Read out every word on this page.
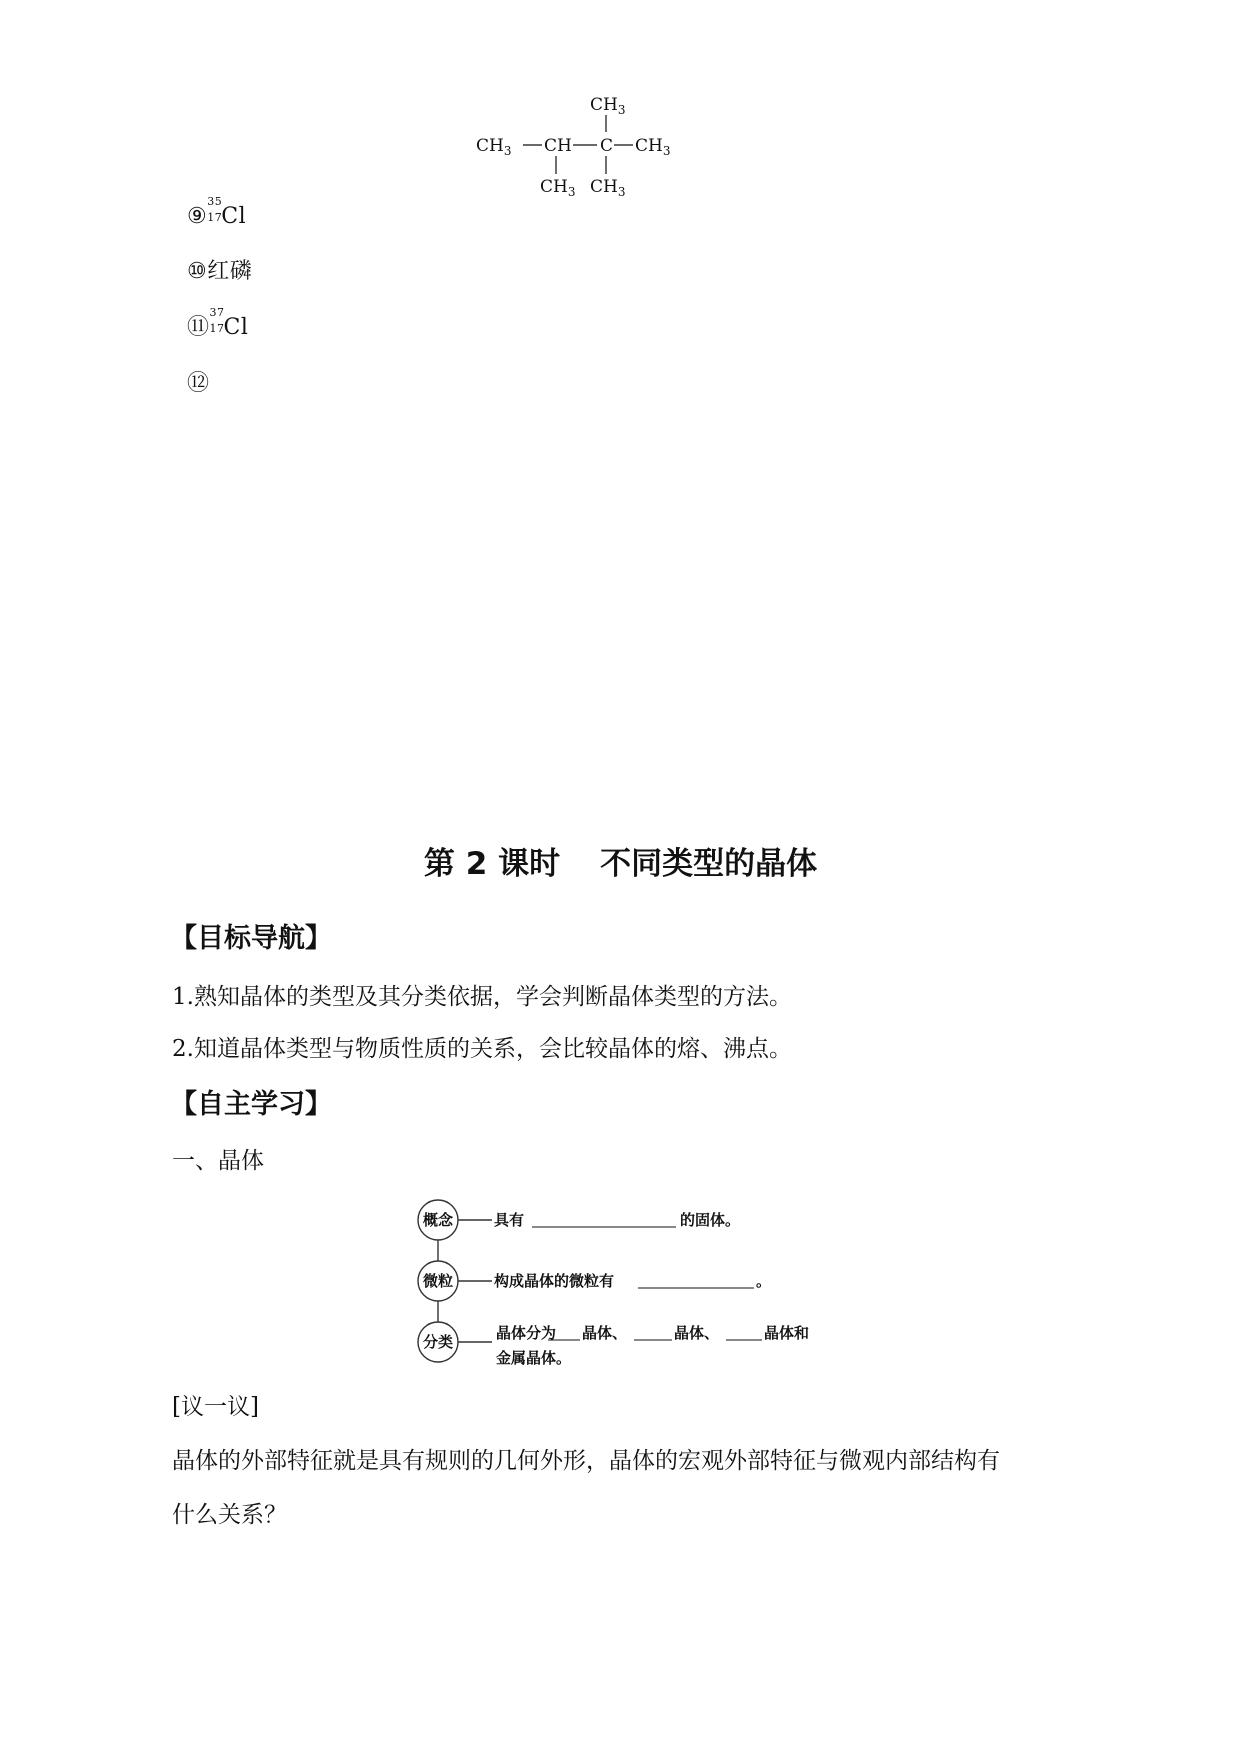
⑨
35
17 Cl

⑩红磷

⑪
37
17 Cl

⑫

$CH_3$
$CH_3$ CH C $CH_3$
$CH_3$ $CH_3$
第 2 课时 不同类型的晶体
【目标导航】
1.熟知晶体的类型及其分类依据，学会判断晶体类型的方法。
2.知道晶体类型与物质性质的关系，会比较晶体的熔、沸点。
【自主学习】
一、晶体
概念
微粒
分类
具有	的固体。
构成晶体的微粒有	。
晶体分为 晶体、	晶体、	晶体和
金属晶体。
[议一议]
晶体的外部特征就是具有规则的几何外形，晶体的宏观外部特征与微观内部结构有
什么关系？
